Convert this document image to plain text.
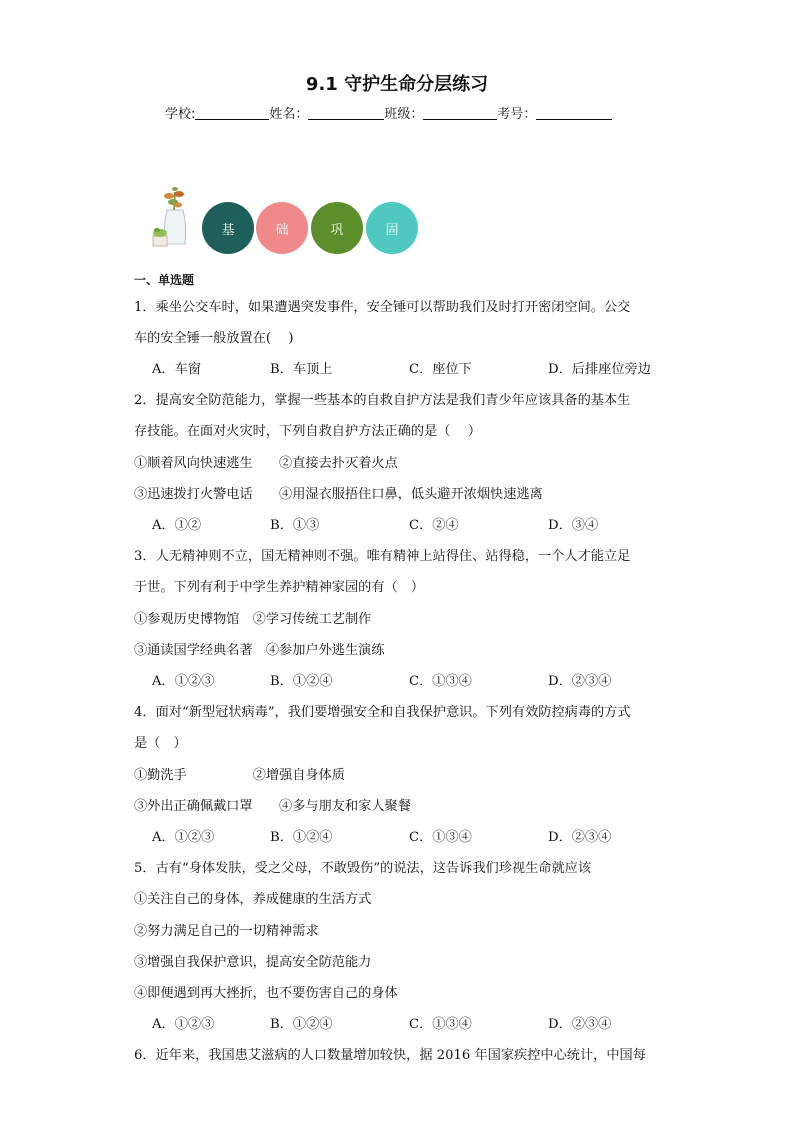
9.1 守护生命分层练习
学校:	姓名：	班级：	考号：
基	础	巩	固
一、单选题
1．乘坐公交车时，如果遭遇突发事件，安全锤可以帮助我们及时打开密闭空间。公交
车的安全锤一般放置在(　 )
A．车窗	B．车顶上	C．座位下	D．后排座位旁边
2．提高安全防范能力，掌握一些基本的自救自护方法是我们青少年应该具备的基本生
存技能。在面对火灾时，下列自救自护方法正确的是（　 ）
①顺着风向快速逃生　　②直接去扑灭着火点
③迅速拨打火警电话　　④用湿衣服捂住口鼻，低头避开浓烟快速逃离
A．①②	B．①③	C．②④	D．③④
3．人无精神则不立，国无精神则不强。唯有精神上站得住、站得稳，一个人才能立足
于世。下列有利于中学生养护精神家园的有（　）
①参观历史博物馆　②学习传统工艺制作
③通读国学经典名著　④参加户外逃生演练
A．①②③	B．①②④	C．①③④	D．②③④
4．面对“新型冠状病毒”，我们要增强安全和自我保护意识。下列有效防控病毒的方式
是（　）
①勤洗手　　　　　②增强自身体质
③外出正确佩戴口罩　　④多与朋友和家人聚餐
A．①②③	B．①②④	C．①③④	D．②③④
5．古有“身体发肤，受之父母，不敢毁伤”的说法，这告诉我们珍视生命就应该
①关注自己的身体，养成健康的生活方式
②努力满足自己的一切精神需求
③增强自我保护意识，提高安全防范能力
④即便遇到再大挫折，也不要伤害自己的身体
A．①②③	B．①②④	C．①③④	D．②③④
6．近年来，我国患艾滋病的人口数量增加较快，据 2016 年国家疾控中心统计，中国每
